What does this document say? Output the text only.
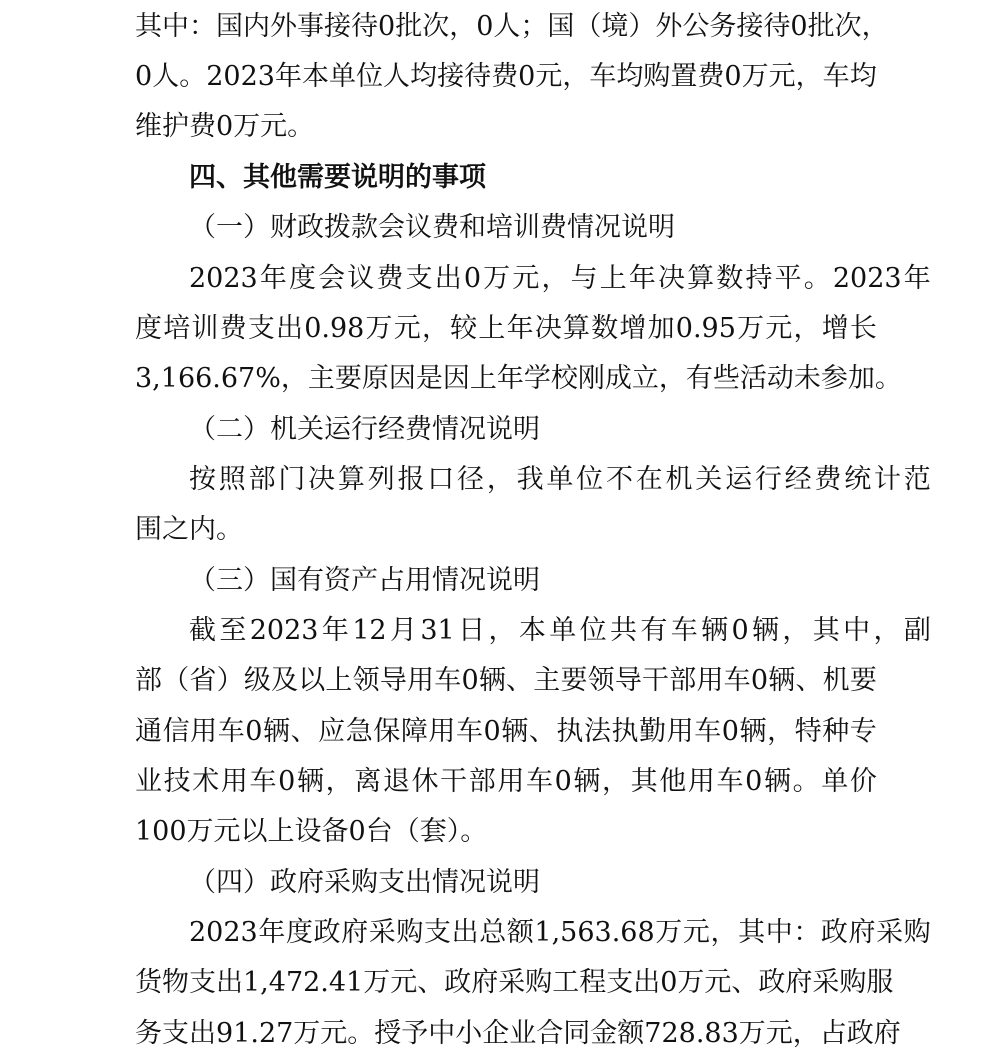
其 中 ： 国 内 外 事 接 待 0 批 次 ， 0 人 ； 国 （ 境 ） 外 公 务 接 待 0 批 次 ，
0 人 。 2023 年 本 单 位 人 均 接 待 费 0 元 ， 车 均 购 置 费 0 万 元 ， 车 均
维护费0万元。
四、其他需要说明的事项
（一）财政拨款会议费和培训费情况说明
2023 年 度 会 议 费 支 出 0 万 元 ， 与 上 年 决 算 数 持 平 。 2023 年
度 培 训 费 支 出 0.98 万 元 ， 较 上 年 决 算 数 增 加 0.95 万 元 ， 增 长
3,166.67%，主要原因是因上年学校刚成立，有些活动未参加。
（二）机关运行经费情况说明
按 照 部 门 决 算 列 报 口 径 ， 我 单 位 不 在 机 关 运 行 经 费 统 计 范
围之内。
（三）国有资产占用情况说明
截 至 2023 年 12 月 31 日 ， 本 单 位 共 有 车 辆 0 辆 ， 其 中 ， 副
部 （ 省 ） 级 及 以 上 领 导 用 车 0 辆 、 主 要 领 导 干 部 用 车 0 辆 、 机 要
通 信 用 车 0 辆 、 应 急 保 障 用 车 0 辆 、 执 法 执 勤 用 车 0 辆 ， 特 种 专
业 技 术 用 车 0 辆 ， 离 退 休 干 部 用 车 0 辆 ， 其 他 用 车 0 辆 。 单 价
100万元以上设备0台（套）。
（四）政府采购支出情况说明
2023 年 度 政 府 采 购 支 出 总 额 1,563.68 万 元 ， 其 中 ： 政 府 采 购
货 物 支 出 1,472.41 万 元 、 政 府 采 购 工 程 支 出 0 万 元 、 政 府 采 购 服
务 支 出 91.27 万 元 。 授 予 中 小 企 业 合 同 金 额 728.83 万 元 ， 占 政 府
